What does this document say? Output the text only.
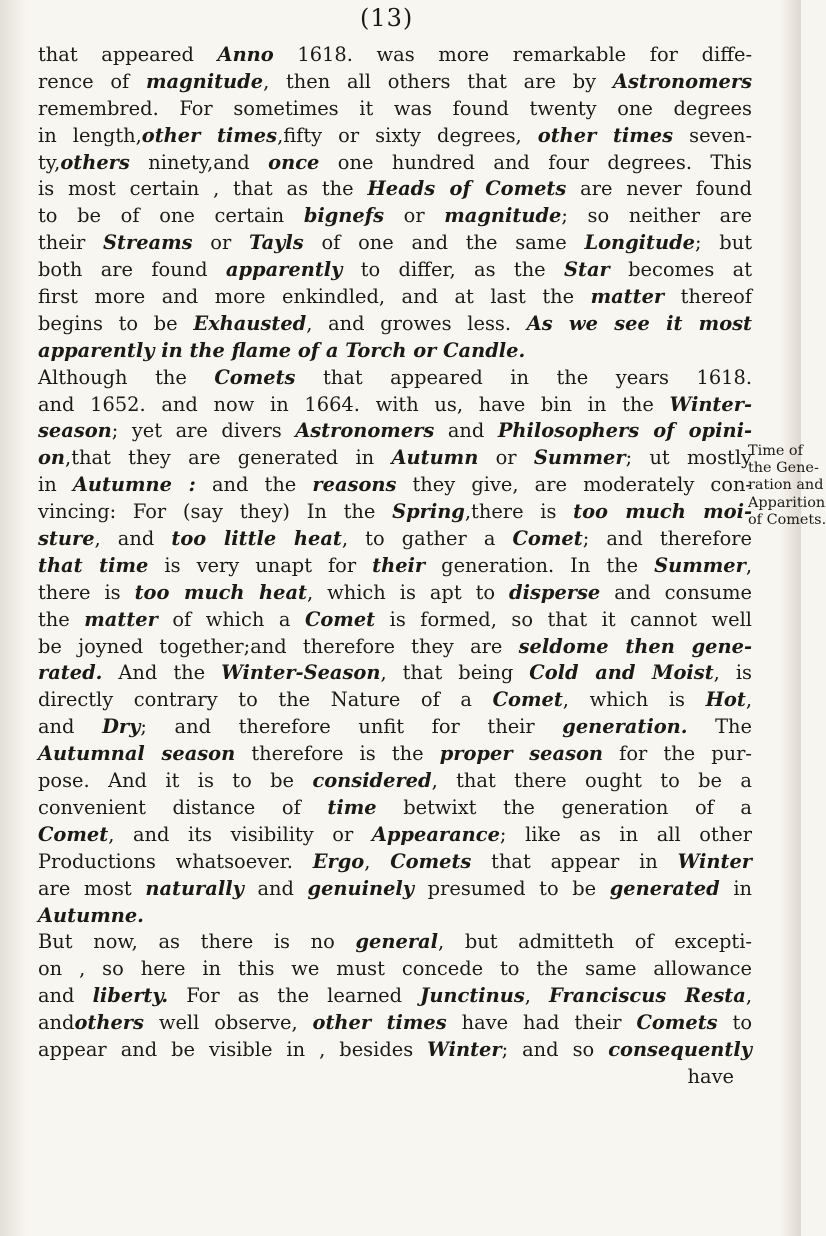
(13)
that appeared Anno 1618. was more remarkable for diffe-
rence of magnitude, then all others that are by Astronomers
remembred. For sometimes it was found twenty one degrees
in length,other times,fifty or sixty degrees, other times seven-
ty,others ninety,and once one hundred and four degrees. This
is most certain , that as the Heads of Comets are never found
to be of one certain bignefs or magnitude; so neither are
their Streams or Tayls of one and the same Longitude; but
both are found apparently to differ, as the Star becomes at
first more and more enkindled, and at last the matter thereof
begins to be Exhausted, and growes less. As we see it most
apparently in the flame of a Torch or Candle.
Although the Comets that appeared in the years 1618.
and 1652. and now in 1664. with us, have bin in the Winter-
season; yet are divers Astronomers and Philosophers of opini-
on,that they are generated in Autumn or Summer; ut mostly
in Autumne : and the reasons they give, are moderately con-
vincing: For (say they) In the Spring,there is too much moi-
sture, and too little heat, to gather a Comet; and therefore
that time is very unapt for their generation. In the Summer,
there is too much heat, which is apt to disperse and consume
the matter of which a Comet is formed, so that it cannot well
be joyned together;and therefore they are seldome then gene-
rated. And the Winter-Season, that being Cold and Moist, is
directly contrary to the Nature of a Comet, which is Hot,
and Dry; and therefore unfit for their generation. The
Autumnal season therefore is the proper season for the pur-
pose. And it is to be considered, that there ought to be a
convenient distance of time betwixt the generation of a
Comet, and its visibility or Appearance; like as in all other
Productions whatsoever. Ergo, Comets that appear in Winter
are most naturally and genuinely presumed to be generated in
Autumne.
But now, as there is no general, but admitteth of excepti-
on , so here in this we must concede to the same allowance
and liberty. For as the learned Junctinus, Franciscus Resta,
andothers well observe, other times have had their Comets to
appear and be visible in , besides Winter; and so consequently
have
Time of
the Gene-
ration and
Apparition
of Comets.
